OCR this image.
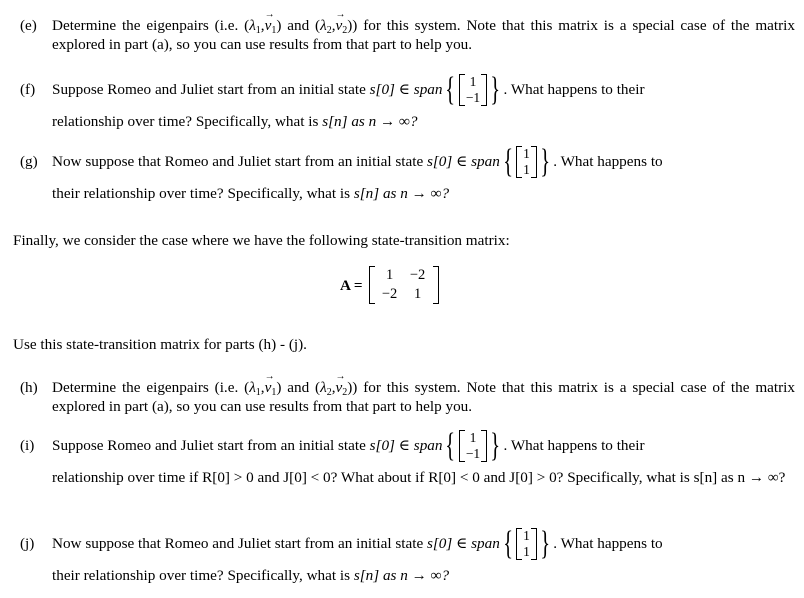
(e) Determine the eigenpairs (i.e. $(\lambda_1,\to v_1)$ and $(\lambda_2,\to v_2)$) for this system. Note that this matrix is a special case of the matrix explored in part (a), so you can use results from that part to help you.
(f) Suppose Romeo and Juliet start from an initial state
s[0] ∈ span { 1
−1 } . What happens to their
relationship over time? Specifically, what is s[n] as n → ∞?
(g) Now suppose that Romeo and Juliet start from an initial state
s[0] ∈ span { 1
1 } . What happens to
their relationship over time? Specifically, what is s[n] as n → ∞?
Finally, we consider the case where we have the following state-transition matrix:
A =
1	−2
−2	1
Use this state-transition matrix for parts (h) - (j).
(h) Determine the eigenpairs (i.e. $(\lambda_1,\to v_1)$ and $(\lambda_2,\to v_2)$) for this system. Note that this matrix is a special case of the matrix explored in part (a), so you can use results from that part to help you.
(i) Suppose Romeo and Juliet start from an initial state
s[0] ∈ span { 1
−1 } . What happens to their
relationship over time if R[0] > 0 and J[0] < 0? What about if R[0] < 0 and J[0] > 0? Specifically, what is s[n] as n → ∞?
(j) Now suppose that Romeo and Juliet start from an initial state
s[0] ∈ span { 1
1 } . What happens to
their relationship over time? Specifically, what is s[n] as n → ∞?
